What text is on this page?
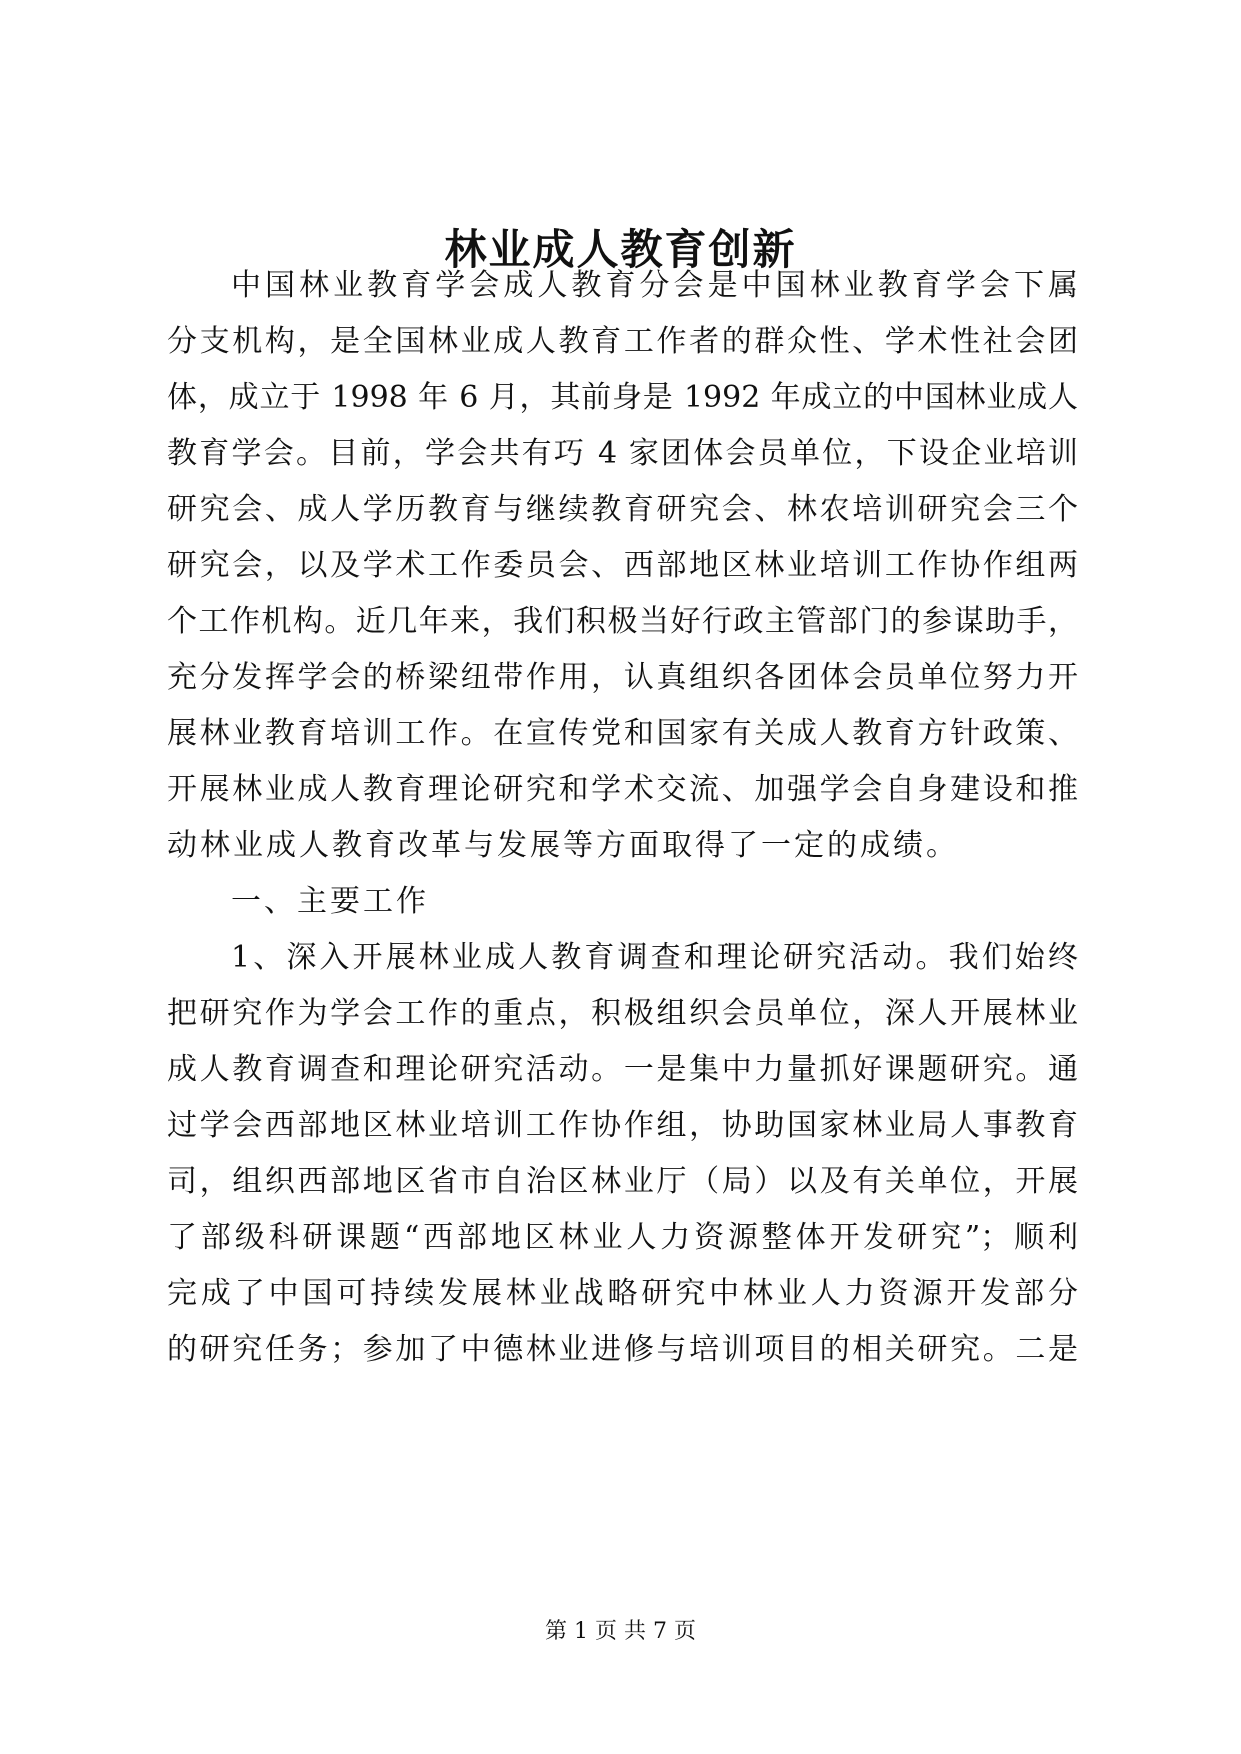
林业成人教育创新
中国林业教育学会成人教育分会是中国林业教育学会下属
分支机构，是全国林业成人教育工作者的群众性、学术性社会团
体，成立于 1998 年 6 月，其前身是 1992 年成立的中国林业成人
教育学会。目前，学会共有巧 4 家团体会员单位，下设企业培训
研究会、成人学历教育与继续教育研究会、林农培训研究会三个
研究会，以及学术工作委员会、西部地区林业培训工作协作组两
个工作机构。近几年来，我们积极当好行政主管部门的参谋助手，
充分发挥学会的桥梁纽带作用，认真组织各团体会员单位努力开
展林业教育培训工作。在宣传党和国家有关成人教育方针政策、
开展林业成人教育理论研究和学术交流、加强学会自身建设和推
动林业成人教育改革与发展等方面取得了一定的成绩。
一、主要工作
1、深入开展林业成人教育调查和理论研究活动。我们始终
把研究作为学会工作的重点，积极组织会员单位，深人开展林业
成人教育调查和理论研究活动。一是集中力量抓好课题研究。通
过学会西部地区林业培训工作协作组，协助国家林业局人事教育
司，组织西部地区省市自治区林业厅（局）以及有关单位，开展
了部级科研课题“西部地区林业人力资源整体开发研究”；顺利
完成了中国可持续发展林业战略研究中林业人力资源开发部分
的研究任务；参加了中德林业进修与培训项目的相关研究。二是
第 1 页 共 7 页
